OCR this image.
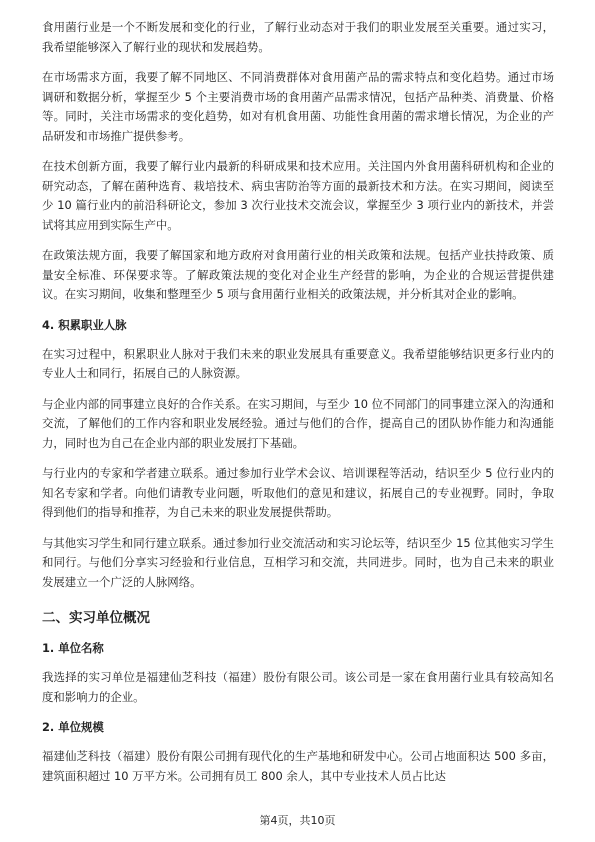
食用菌行业是一个不断发展和变化的行业，了解行业动态对于我们的职业发展至关重要。通过实习，我希望能够深入了解行业的现状和发展趋势。

在市场需求方面，我要了解不同地区、不同消费群体对食用菌产品的需求特点和变化趋势。通过市场调研和数据分析，掌握至少 5 个主要消费市场的食用菌产品需求情况，包括产品种类、消费量、价格等。同时，关注市场需求的变化趋势，如对有机食用菌、功能性食用菌的需求增长情况，为企业的产品研发和市场推广提供参考。

在技术创新方面，我要了解行业内最新的科研成果和技术应用。关注国内外食用菌科研机构和企业的研究动态，了解在菌种选育、栽培技术、病虫害防治等方面的最新技术和方法。在实习期间，阅读至少 10 篇行业内的前沿科研论文，参加 3 次行业技术交流会议，掌握至少 3 项行业内的新技术，并尝试将其应用到实际生产中。

在政策法规方面，我要了解国家和地方政府对食用菌行业的相关政策和法规。包括产业扶持政策、质量安全标准、环保要求等。了解政策法规的变化对企业生产经营的影响，为企业的合规运营提供建议。在实习期间，收集和整理至少 5 项与食用菌行业相关的政策法规，并分析其对企业的影响。

4. 积累职业人脉

在实习过程中，积累职业人脉对于我们未来的职业发展具有重要意义。我希望能够结识更多行业内的专业人士和同行，拓展自己的人脉资源。

与企业内部的同事建立良好的合作关系。在实习期间，与至少 10 位不同部门的同事建立深入的沟通和交流，了解他们的工作内容和职业发展经验。通过与他们的合作，提高自己的团队协作能力和沟通能力，同时也为自己在企业内部的职业发展打下基础。

与行业内的专家和学者建立联系。通过参加行业学术会议、培训课程等活动，结识至少 5 位行业内的知名专家和学者。向他们请教专业问题，听取他们的意见和建议，拓展自己的专业视野。同时，争取得到他们的指导和推荐，为自己未来的职业发展提供帮助。

与其他实习学生和同行建立联系。通过参加行业交流活动和实习论坛等，结识至少 15 位其他实习学生和同行。与他们分享实习经验和行业信息，互相学习和交流，共同进步。同时，也为自己未来的职业发展建立一个广泛的人脉网络。

二、实习单位概况
1. 单位名称

我选择的实习单位是福建仙芝科技（福建）股份有限公司。该公司是一家在食用菌行业具有较高知名度和影响力的企业。

2. 单位规模

福建仙芝科技（福建）股份有限公司拥有现代化的生产基地和研发中心。公司占地面积达 500 多亩，建筑面积超过 10 万平方米。公司拥有员工 800 余人，其中专业技术人员占比达

第4页，共10页
